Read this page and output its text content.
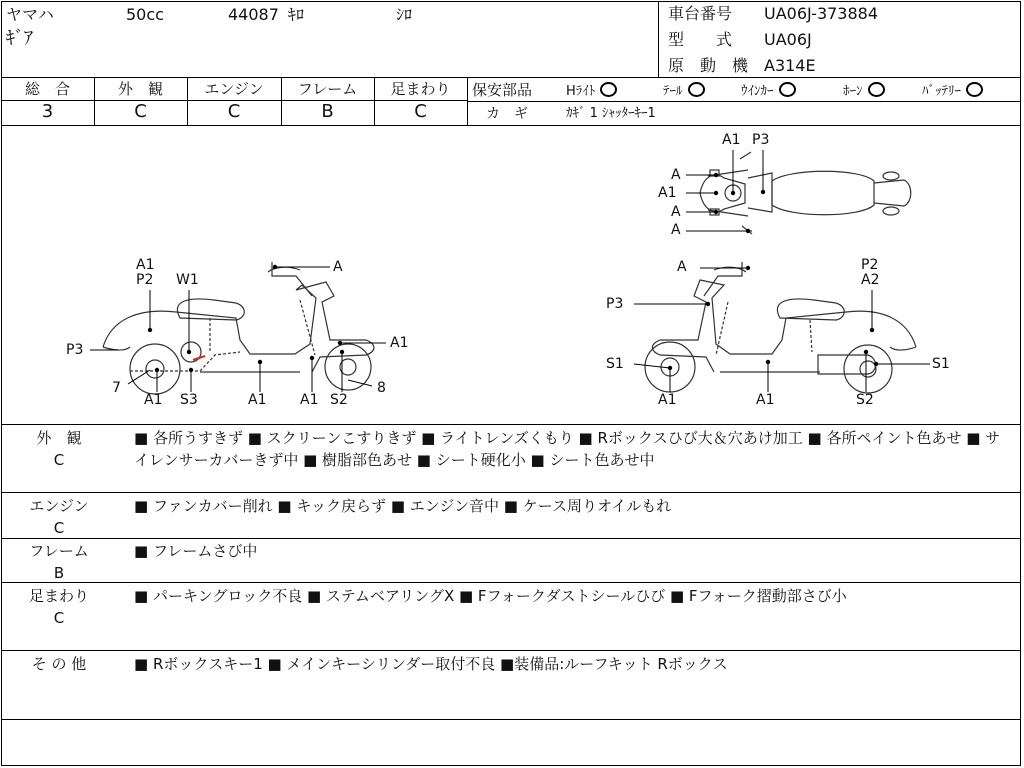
ヤマハ	50cc	44087 ｷﾛ	ｼﾛ
ｷﾞｱ
車台番号 UA06J-373884
型　　式 UA06J
原　動　機 A314E
総　合	外　観	エンジン	フレーム	足まわり
3	C	C	B	C
保安部品	Hﾗｲﾄ	ﾃｰﾙ	ｳｲﾝｶｰ	ﾎｰﾝ	ﾊﾞｯﾃﾘｰ
カ　ギ	ｶｷﾞ 1 ｼｬｯﾀｰｷｰ1
A1 P3
A
A1
A
A
A1
P2 W1
A
P3	A1
7
A1 S3	A1 A1 S2
8
A	P2
A2
P3
S1	S1
A1	A1	S2
外　観
C
■ 各所うすきず ■ スクリーンこすりきず ■ ライトレンズくもり ■ Rボックスひび大＆穴あけ加工 ■ 各所ペイント色あせ ■ サイレンサーカバーきず中 ■ 樹脂部色あせ ■ シート硬化小 ■ シート色あせ中
エンジン
C
■ ファンカバー削れ ■ キック戻らず ■ エンジン音中 ■ ケース周りオイルもれ
フレーム
B
■ フレームさび中
足まわり
C
■ パーキングロック不良 ■ ステムベアリングX ■ Fフォークダストシールひび ■ Fフォーク摺動部さび小
そ の 他	■ Rボックスキー1 ■ メインキーシリンダー取付不良 ■装備品:ルーフキット Rボックス
